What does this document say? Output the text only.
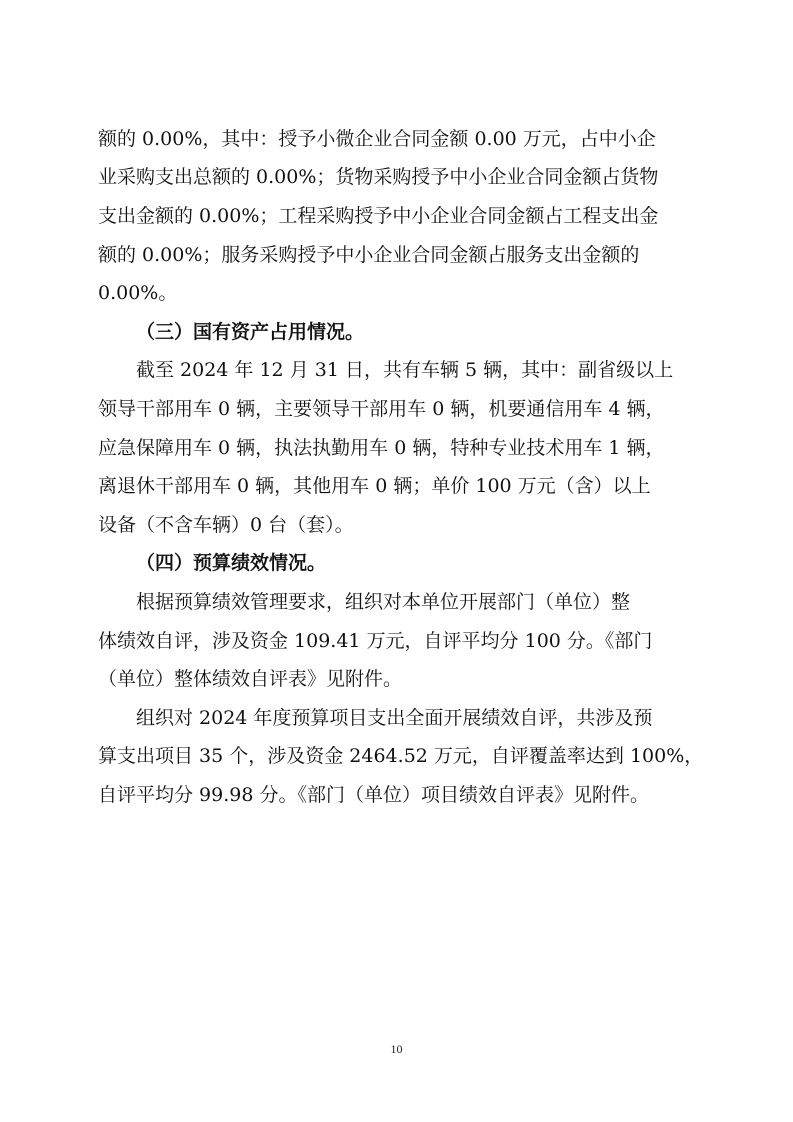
额的 0.00%，其中：授予小微企业合同金额 0.00 万元，占中小企
业采购支出总额的 0.00%；货物采购授予中小企业合同金额占货物
支出金额的 0.00%；工程采购授予中小企业合同金额占工程支出金
额的 0.00%；服务采购授予中小企业合同金额占服务支出金额的
0.00%。
（三）国有资产占用情况。
截至 2024 年 12 月 31 日，共有车辆 5 辆，其中：副省级以上
领导干部用车 0 辆，主要领导干部用车 0 辆，机要通信用车 4 辆，
应急保障用车 0 辆，执法执勤用车 0 辆，特种专业技术用车 1 辆，
离退休干部用车 0 辆，其他用车 0 辆；单价 100 万元（含）以上
设备（不含车辆）0 台（套）。
（四）预算绩效情况。
根据预算绩效管理要求，组织对本单位开展部门（单位）整
体绩效自评，涉及资金 109.41 万元，自评平均分 100 分。《部门
（单位）整体绩效自评表》见附件。
组织对 2024 年度预算项目支出全面开展绩效自评，共涉及预
算支出项目 35 个，涉及资金 2464.52 万元，自评覆盖率达到 100%，
自评平均分 99.98 分。《部门（单位）项目绩效自评表》见附件。
10
